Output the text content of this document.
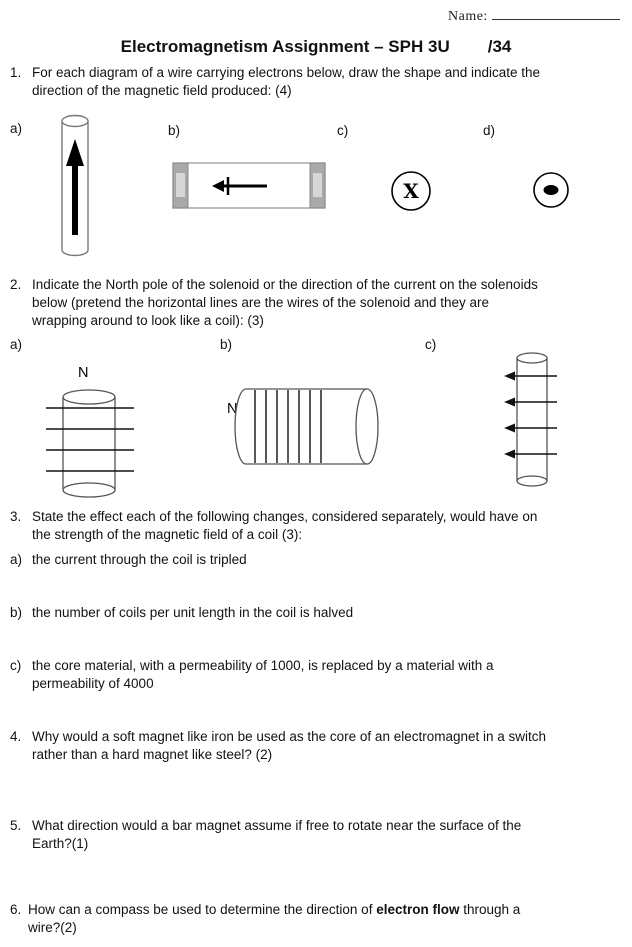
Name:
Electromagnetism Assignment – SPH 3U /34
1. For each diagram of a wire carrying electrons below, draw the shape and indicate the
direction of the magnetic field produced: (4)
a)	b)	c)
X
d)
2. Indicate the North pole of the solenoid or the direction of the current on the solenoids
below (pretend the horizontal lines are the wires of the solenoid and they are
wrapping around to look like a coil): (3)
a)	b)	c)
N
N
3. State the effect each of the following changes, considered separately, would have on
the strength of the magnetic field of a coil (3):
a) the current through the coil is tripled
b) the number of coils per unit length in the coil is halved
c) the core material, with a permeability of 1000, is replaced by a material with a
permeability of 4000
4. Why would a soft magnet like iron be used as the core of an electromagnet in a switch
rather than a hard magnet like steel? (2)
5. What direction would a bar magnet assume if free to rotate near the surface of the
Earth?(1)
6. How can a compass be used to determine the direction of electron flow through a
wire?(2)
